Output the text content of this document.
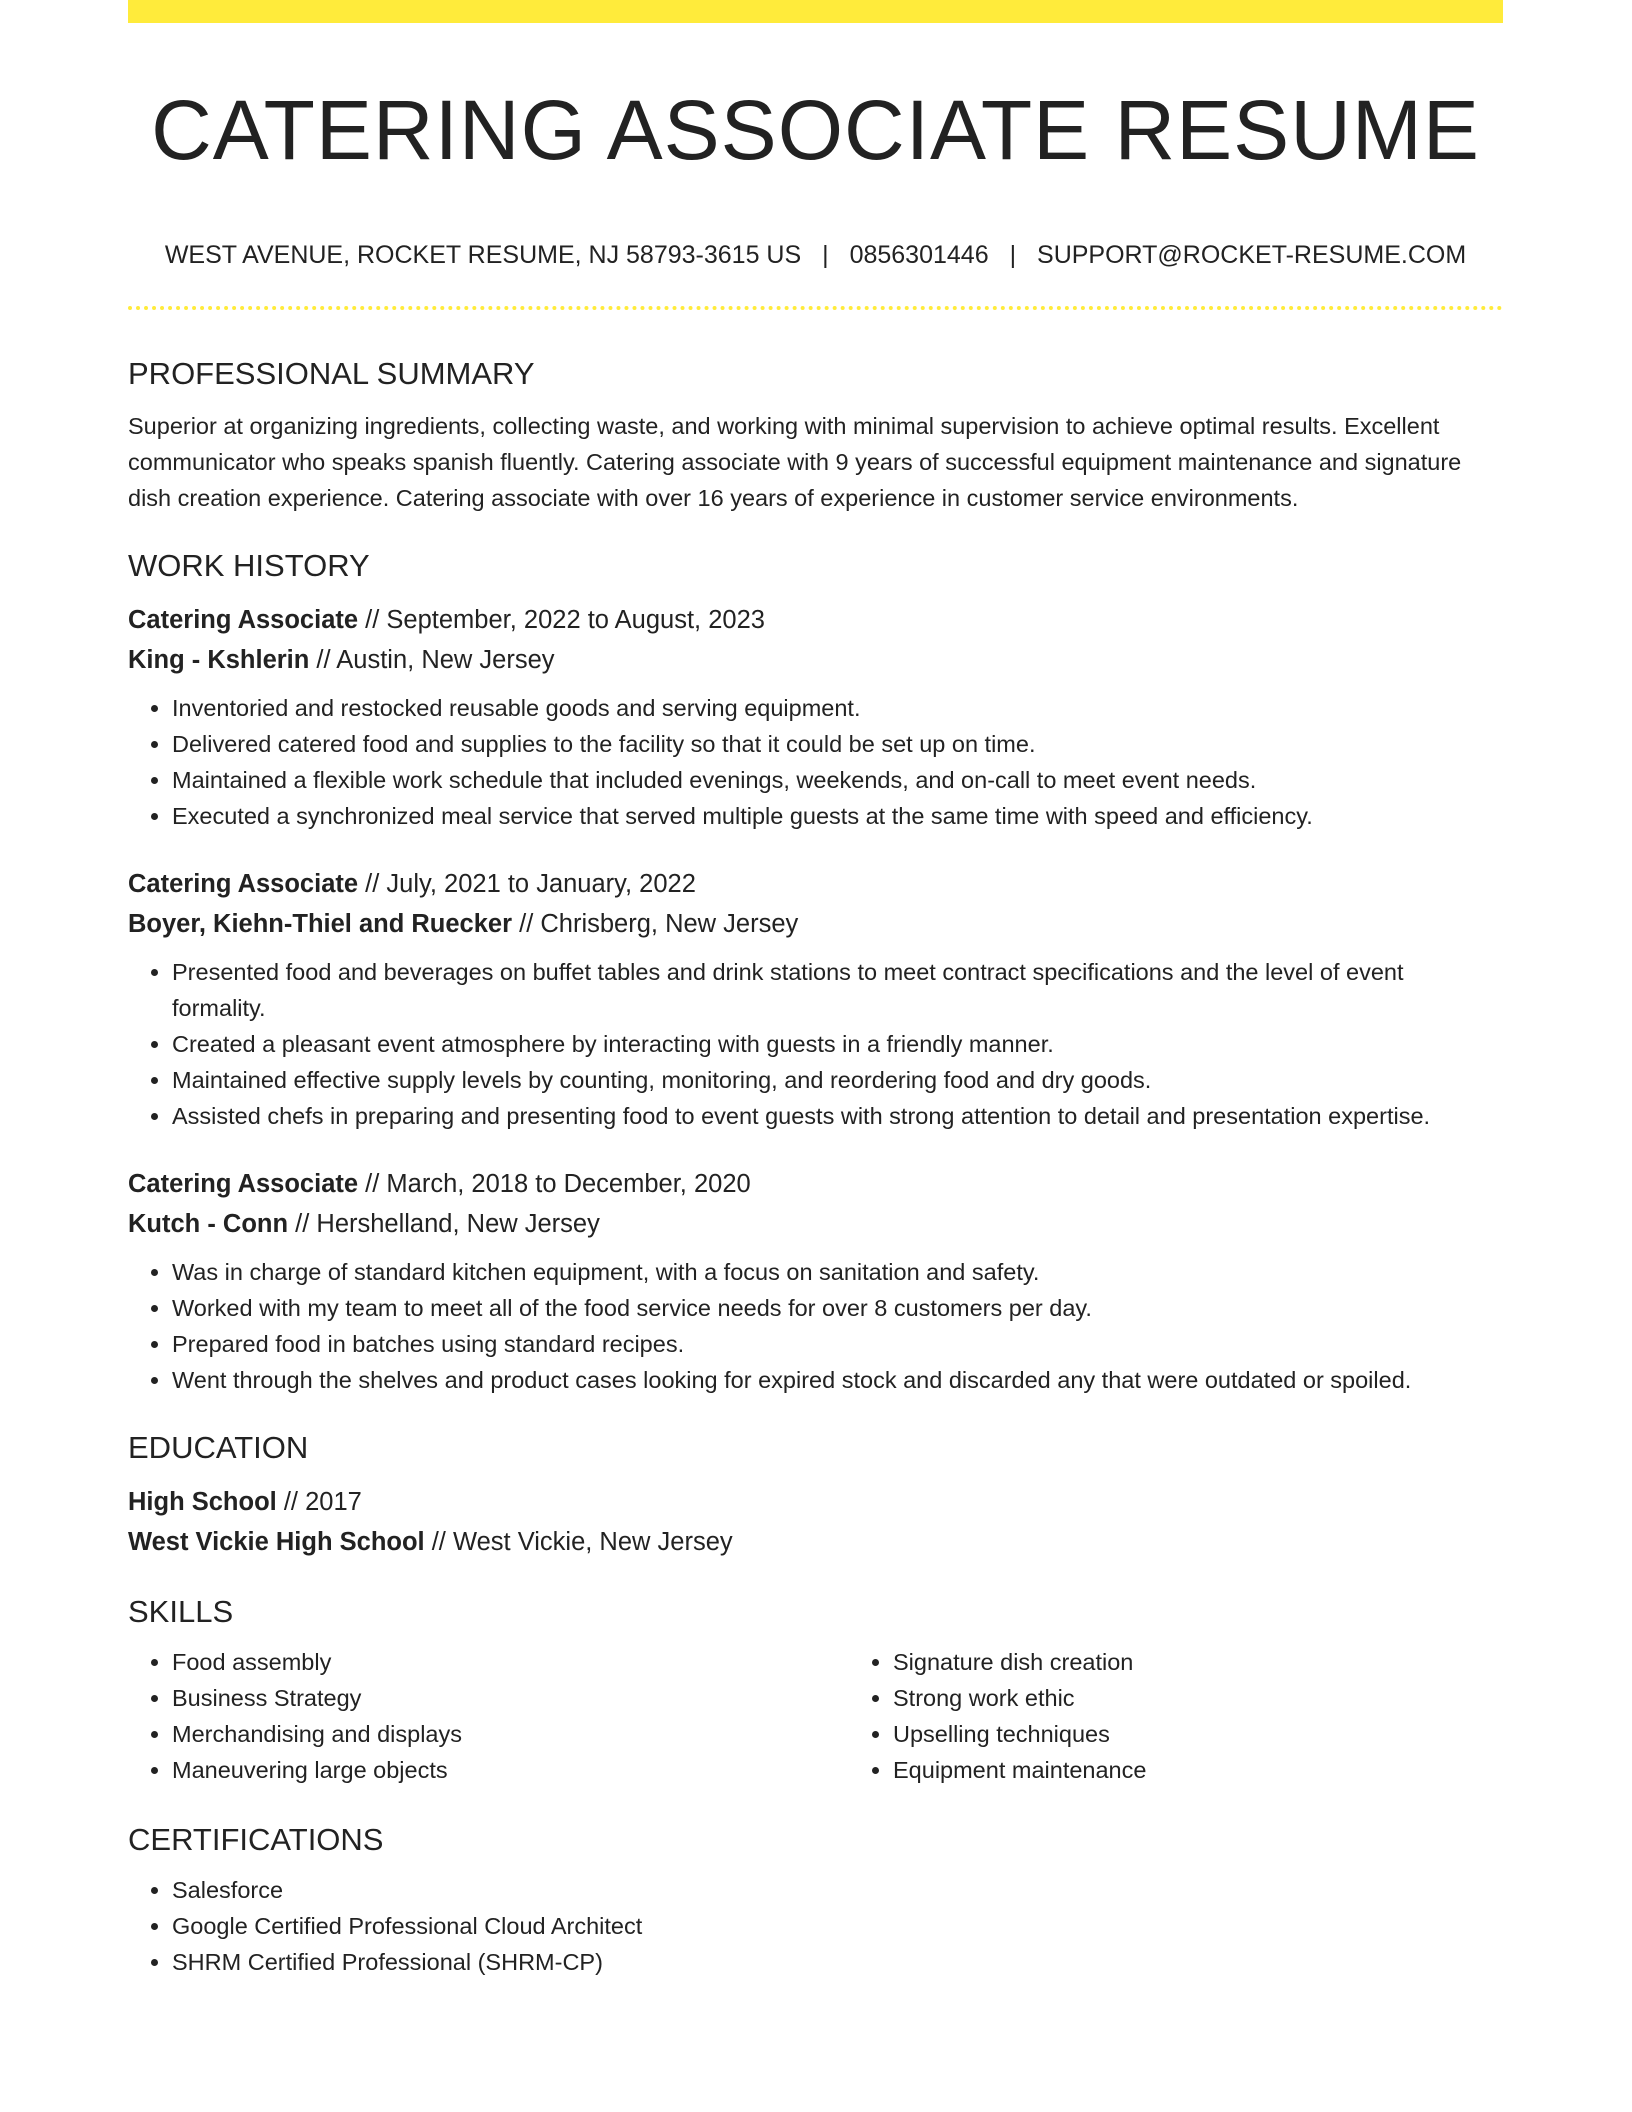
CATERING ASSOCIATE RESUME
WEST AVENUE, ROCKET RESUME, NJ 58793-3615 US | 0856301446 | SUPPORT@ROCKET-RESUME.COM
PROFESSIONAL SUMMARY

Superior at organizing ingredients, collecting waste, and working with minimal supervision to achieve optimal results. Excellent communicator who speaks spanish fluently. Catering associate with 9 years of successful equipment maintenance and signature dish creation experience. Catering associate with over 16 years of experience in customer service environments.

WORK HISTORY

Catering Associate // September, 2022 to August, 2023

King - Kshlerin // Austin, New Jersey

• Inventoried and restocked reusable goods and serving equipment.
• Delivered catered food and supplies to the facility so that it could be set up on time.
• Maintained a flexible work schedule that included evenings, weekends, and on-call to meet event needs.
• Executed a synchronized meal service that served multiple guests at the same time with speed and efficiency.

Catering Associate // July, 2021 to January, 2022

Boyer, Kiehn-Thiel and Ruecker // Chrisberg, New Jersey

• Presented food and beverages on buffet tables and drink stations to meet contract specifications and the level of event formality.
• Created a pleasant event atmosphere by interacting with guests in a friendly manner.
• Maintained effective supply levels by counting, monitoring, and reordering food and dry goods.
• Assisted chefs in preparing and presenting food to event guests with strong attention to detail and presentation expertise.

Catering Associate // March, 2018 to December, 2020

Kutch - Conn // Hershelland, New Jersey

• Was in charge of standard kitchen equipment, with a focus on sanitation and safety.
• Worked with my team to meet all of the food service needs for over 8 customers per day.
• Prepared food in batches using standard recipes.
• Went through the shelves and product cases looking for expired stock and discarded any that were outdated or spoiled.
EDUCATION

High School // 2017

West Vickie High School // West Vickie, New Jersey

SKILLS
• Food assembly
• Business Strategy
• Merchandising and displays
• Maneuvering large objects
• Signature dish creation
• Strong work ethic
• Upselling techniques
• Equipment maintenance
CERTIFICATIONS
• Salesforce
• Google Certified Professional Cloud Architect
• SHRM Certified Professional (SHRM-CP)
